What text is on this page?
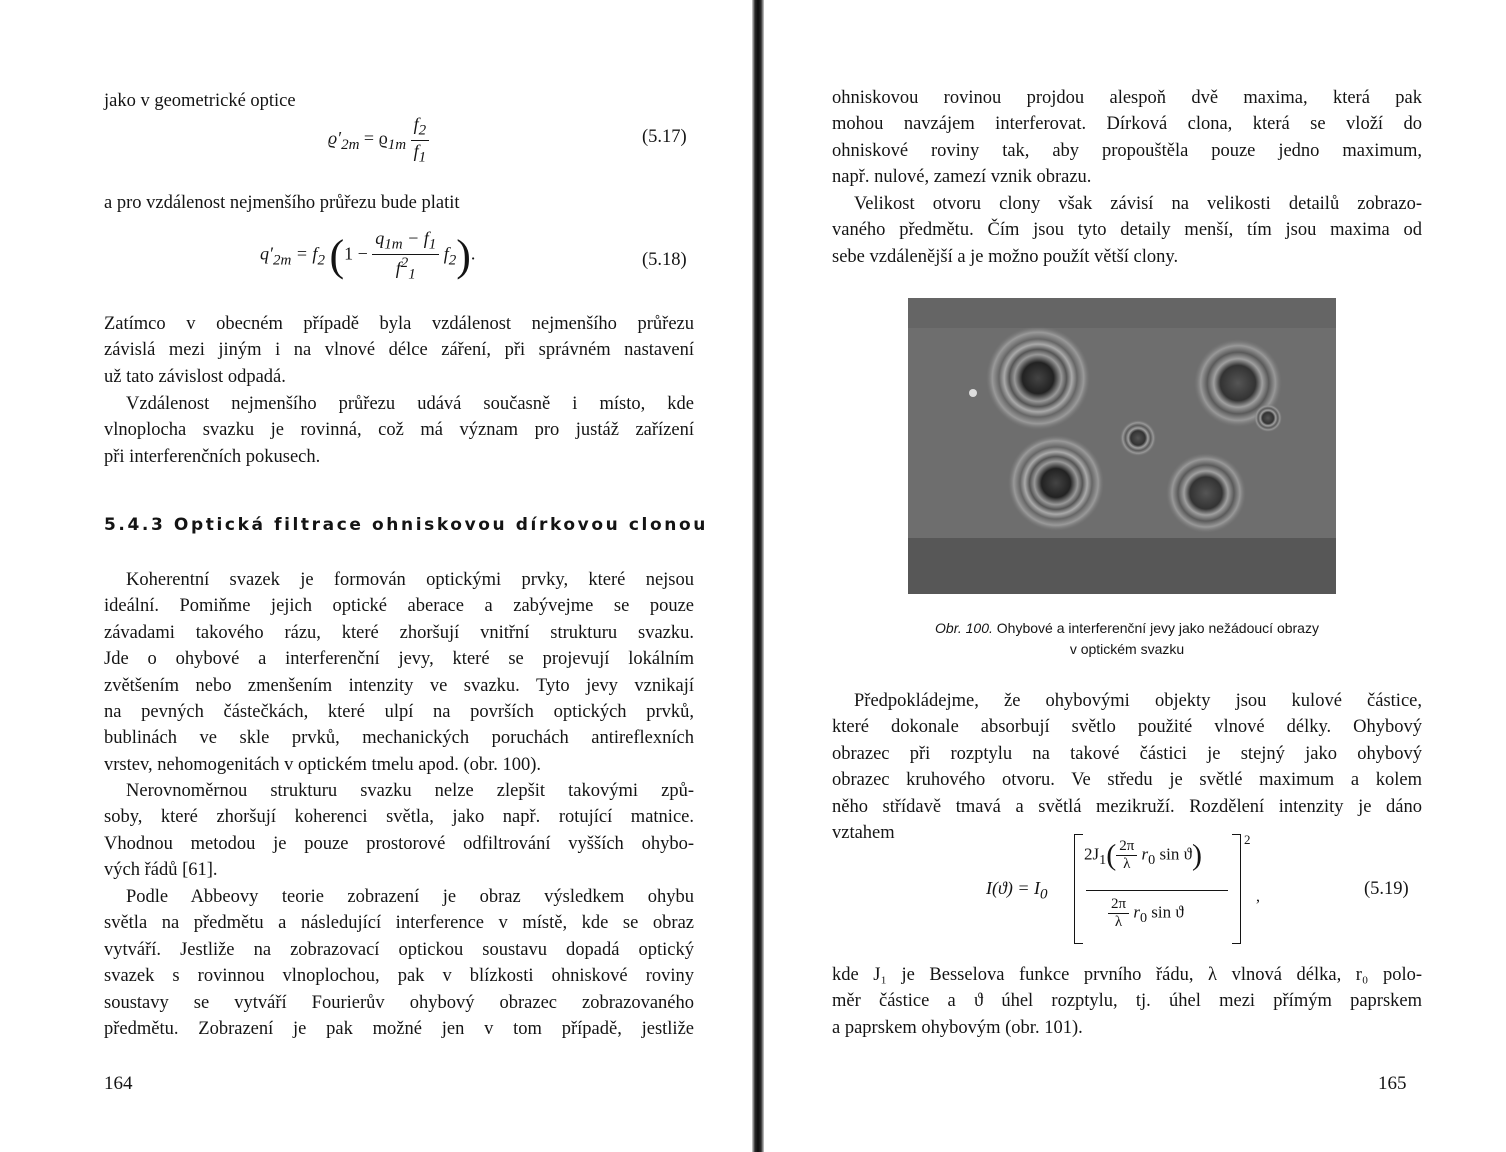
jako v geometrické optice

$ϱ'_{2m} = ϱ_{1m} \frac{f_2}{f_1}$	(5.17)

a pro vzdálenost nejmenšího průřezu bude platit

$q'_{2m} = f_2$ $(1 - \frac{q_{1m} - f_1}{f^2_1} f_2)$.	(5.18)

Zatímco v obecném případě byla vzdálenost nejmenšího průřezu

závislá mezi jiným i na vlnové délce záření, při správném nastavení

už tato závislost odpadá.

Vzdálenost nejmenšího průřezu udává současně i místo, kde

vlnoplocha svazku je rovinná, což má význam pro justáž zařízení

při interferenčních pokusech.

5.4.3 Optická filtrace ohniskovou dírkovou clonou

Koherentní svazek je formován optickými prvky, které nejsou

ideální. Pomiňme jejich optické aberace a zabývejme se pouze

závadami takového rázu, které zhoršují vnitřní strukturu svazku.

Jde o ohybové a interferenční jevy, které se projevují lokálním

zvětšením nebo zmenšením intenzity ve svazku. Tyto jevy vznikají

na pevných částečkách, které ulpí na površích optických prvků,

bublinách ve skle prvků, mechanických poruchách antireflexních

vrstev, nehomogenitách v optickém tmelu apod. (obr. 100).

Nerovnoměrnou strukturu svazku nelze zlepšit takovými způ-

soby, které zhoršují koherenci světla, jako např. rotující matnice.

Vhodnou metodou je pouze prostorové odfiltrování vyšších ohybo-

vých řádů [61].

Podle Abbeovy teorie zobrazení je obraz výsledkem ohybu

světla na předmětu a následující interference v místě, kde se obraz

vytváří. Jestliže na zobrazovací optickou soustavu dopadá optický

svazek s rovinnou vlnoplochou, pak v blízkosti ohniskové roviny

soustavy se vytváří Fourierův ohybový obrazec zobrazovaného

předmětu. Zobrazení je pak možné jen v tom případě, jestliže

164

ohniskovou rovinou projdou alespoň dvě maxima, která pak

mohou navzájem interferovat. Dírková clona, která se vloží do

ohniskové roviny tak, aby propouštěla pouze jedno maximum,

např. nulové, zamezí vznik obrazu.

Velikost otvoru clony však závisí na velikosti detailů zobrazo-

vaného předmětu. Čím jsou tyto detaily menší, tím jsou maxima od

sebe vzdálenější a je možno použít větší clony.

Obr. 100. Ohybové a interferenční jevy jako nežádoucí obrazy
v optickém svazku

Předpokládejme, že ohybovými objekty jsou kulové částice,

které dokonale absorbují světlo použité vlnové délky. Ohybový

obrazec při rozptylu na takové částici je stejný jako ohybový

obrazec kruhového otvoru. Ve středu je světlé maximum a kolem

něho střídavě tmavá a světlá mezikruží. Rozdělení intenzity je dáno

vztahem

kde J₁ je Besselova funkce prvního řádu, λ vlnová délka, r₀ polo-

měr částice a ϑ úhel rozptylu, tj. úhel mezi přímým paprskem

a paprskem ohybovým (obr. 101).

(5.19)
165
$I(ϑ) = I_0$
2
,
$2J_1( \frac{2\pi}{\lambda} r_0$ sin ϑ)
$\frac{2\pi}{\lambda} r_0$ sin ϑ
